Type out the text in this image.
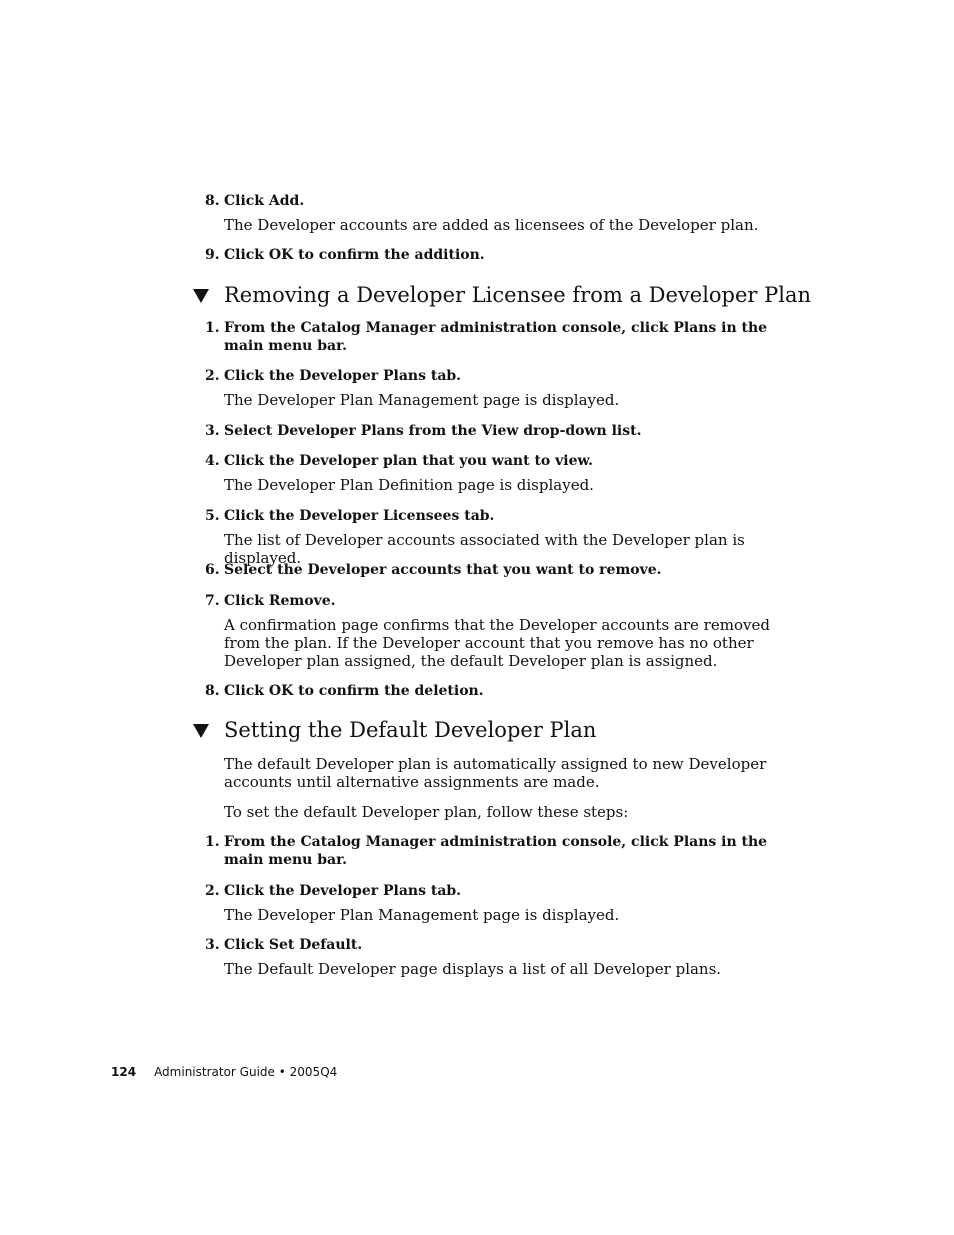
8. Click Add.
The Developer accounts are added as licensees of the Developer plan.
9. Click OK to confirm the addition.
Removing a Developer Licensee from a Developer Plan
1. From the Catalog Manager administration console, click Plans in the main menu bar.
2. Click the Developer Plans tab.
The Developer Plan Management page is displayed.
3. Select Developer Plans from the View drop-down list.
4. Click the Developer plan that you want to view.
The Developer Plan Definition page is displayed.
5. Click the Developer Licensees tab.
The list of Developer accounts associated with the Developer plan is displayed.
6. Select the Developer accounts that you want to remove.
7. Click Remove.
A confirmation page confirms that the Developer accounts are removed from the plan. If the Developer account that you remove has no other Developer plan assigned, the default Developer plan is assigned.
8. Click OK to confirm the deletion.
Setting the Default Developer Plan
The default Developer plan is automatically assigned to new Developer accounts until alternative assignments are made.
To set the default Developer plan, follow these steps:
1. From the Catalog Manager administration console, click Plans in the main menu bar.
2. Click the Developer Plans tab.
The Developer Plan Management page is displayed.
3. Click Set Default.
The Default Developer page displays a list of all Developer plans.
124 Administrator Guide • 2005Q4
